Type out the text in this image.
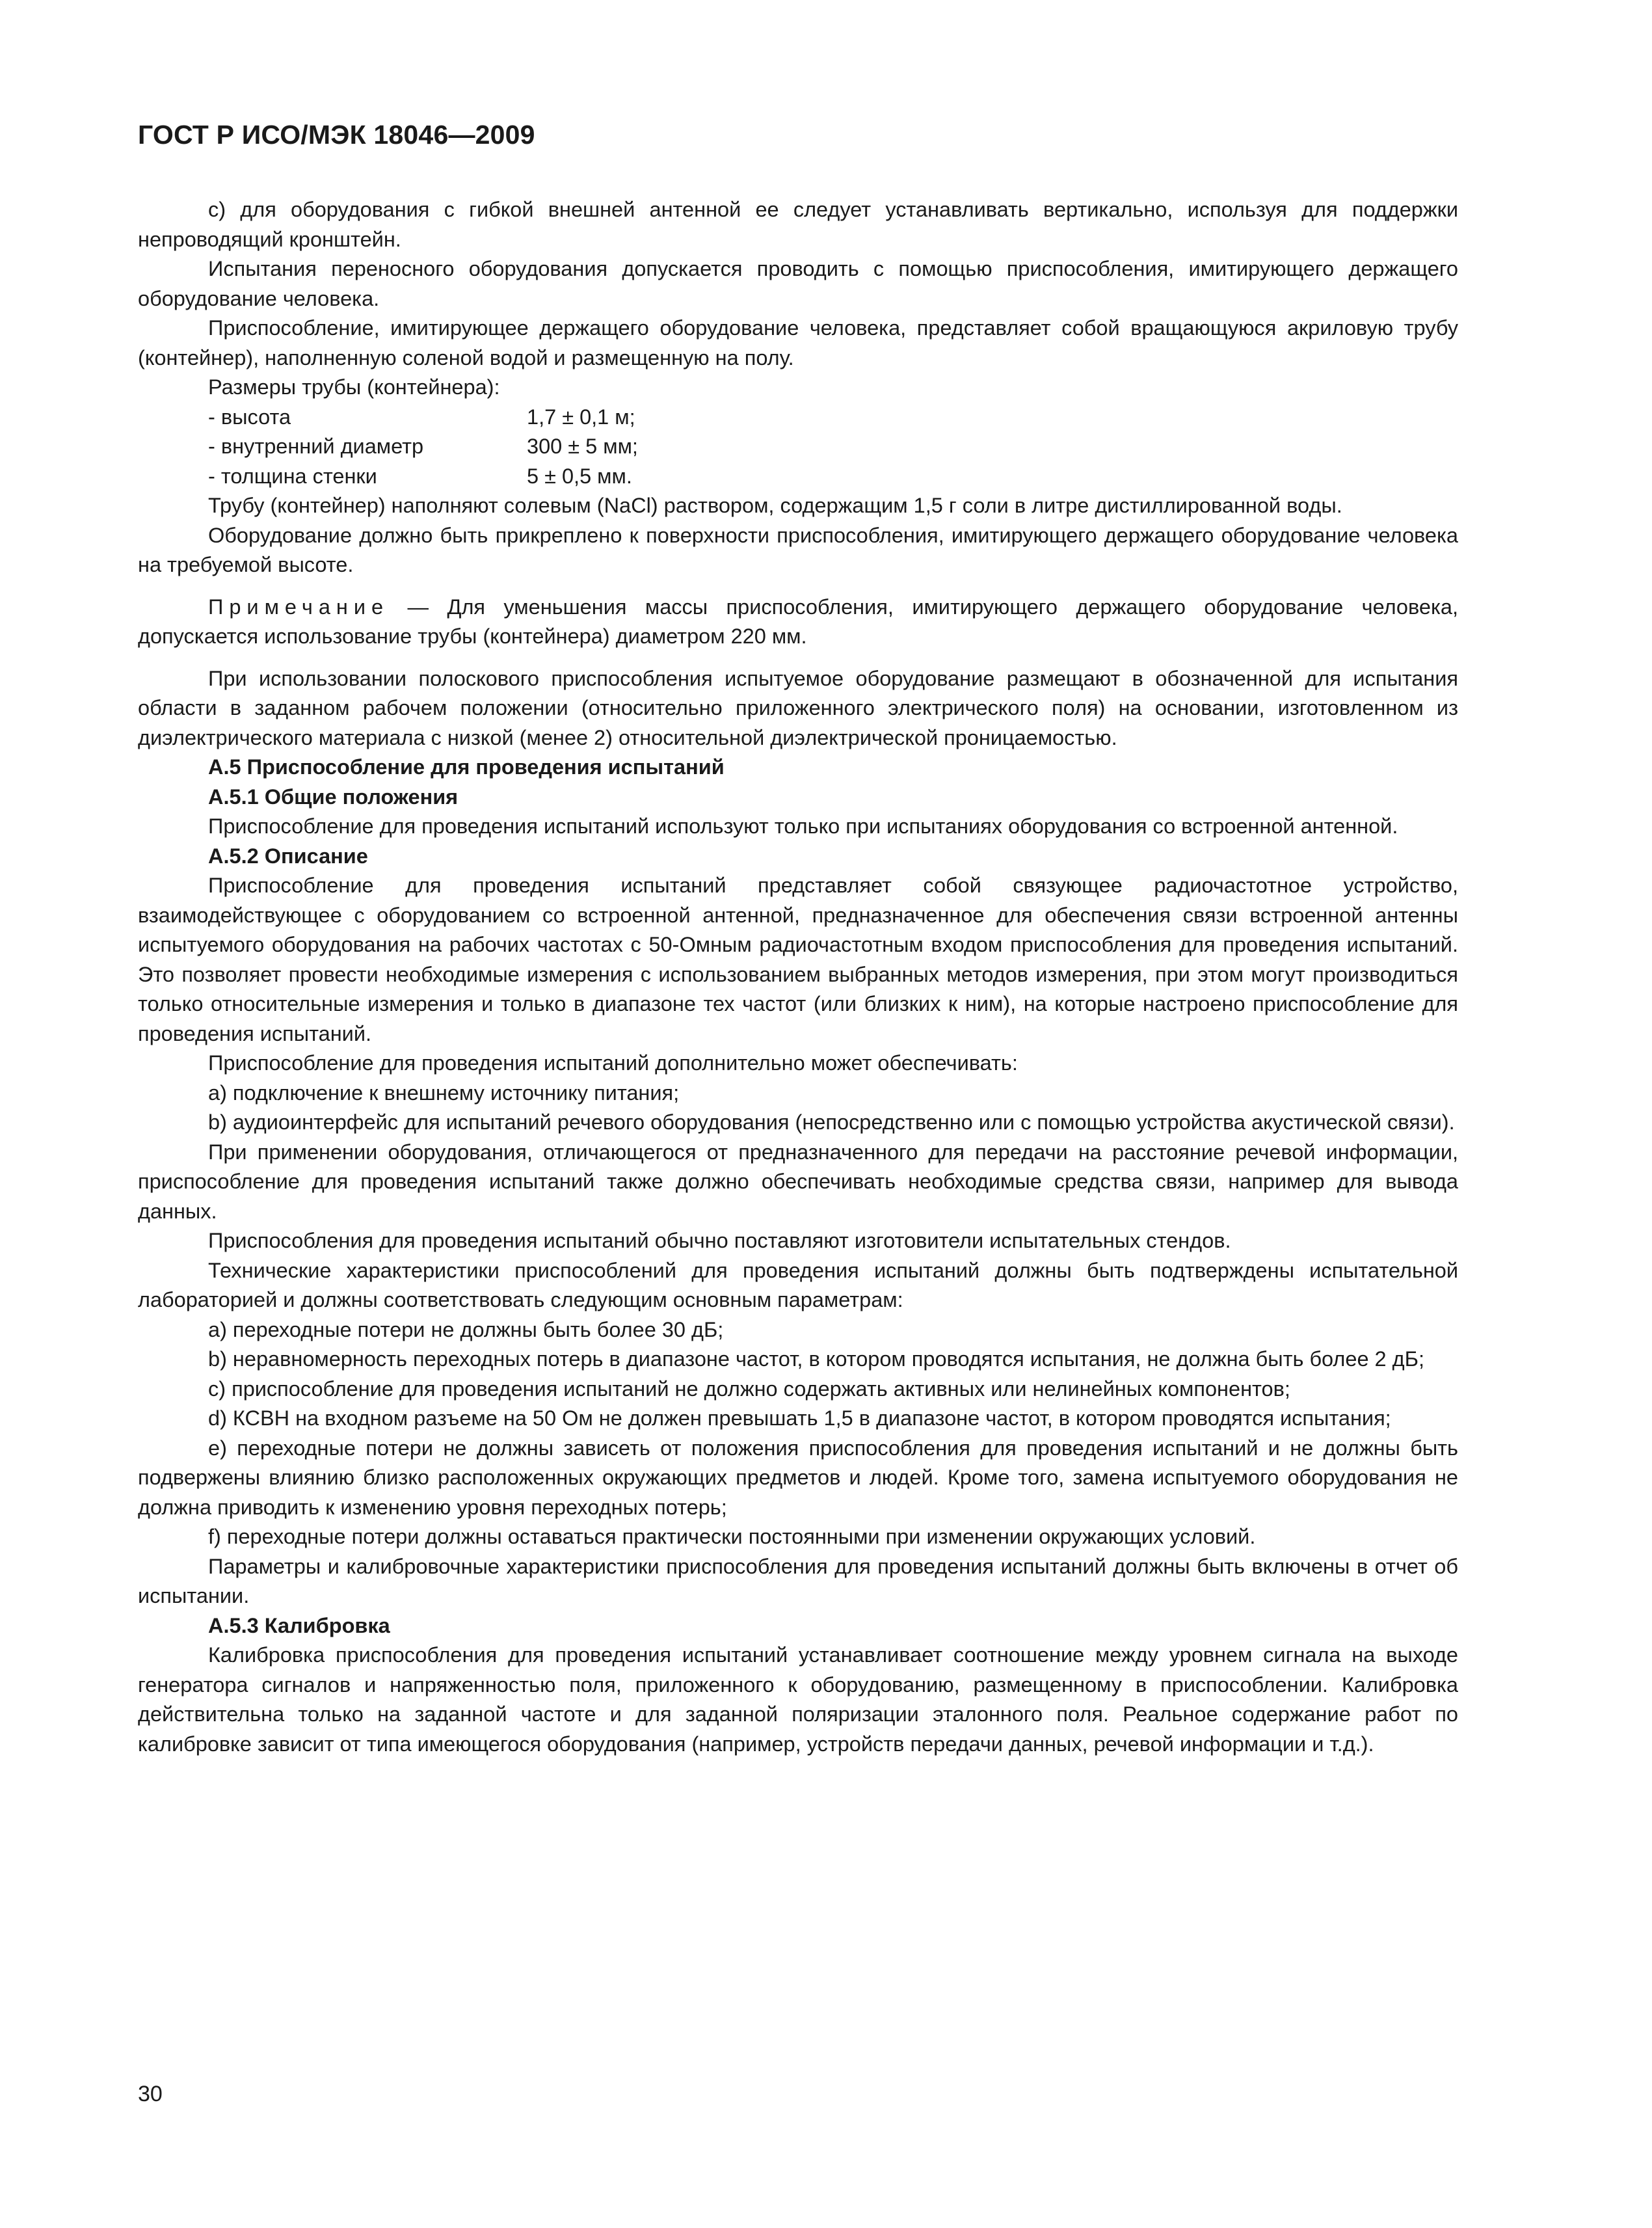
ГОСТ Р ИСО/МЭК 18046—2009

c) для оборудования с гибкой внешней антенной ее следует устанавливать вертикально, используя для поддержки непроводящий кронштейн.

Испытания переносного оборудования допускается проводить с помощью приспособления, имитирующего держащего оборудование человека.

Приспособление, имитирующее держащего оборудование человека, представляет собой вращающуюся акриловую трубу (контейнер), наполненную соленой водой и размещенную на полу.

Размеры трубы (контейнера):

- высота	1,7 ± 0,1 м;
- внутренний диаметр	300 ± 5 мм;
- толщина стенки	5 ± 0,5 мм.

Трубу (контейнер) наполняют солевым (NaCl) раствором, содержащим 1,5 г соли в литре дистиллированной воды.

Оборудование должно быть прикреплено к поверхности приспособления, имитирующего держащего оборудование человека на требуемой высоте.

Примечание — Для уменьшения массы приспособления, имитирующего держащего оборудование человека, допускается использование трубы (контейнера) диаметром 220 мм.

При использовании полоскового приспособления испытуемое оборудование размещают в обозначенной для испытания области в заданном рабочем положении (относительно приложенного электрического поля) на основании, изготовленном из диэлектрического материала с низкой (менее 2) относительной диэлектрической проницаемостью.

А.5 Приспособление для проведения испытаний
А.5.1 Общие положения

Приспособление для проведения испытаний используют только при испытаниях оборудования со встроенной антенной.

А.5.2 Описание

Приспособление для проведения испытаний представляет собой связующее радиочастотное устройство, взаимодействующее с оборудованием со встроенной антенной, предназначенное для обеспечения связи встроенной антенны испытуемого оборудования на рабочих частотах с 50-Омным радиочастотным входом приспособления для проведения испытаний. Это позволяет провести необходимые измерения с использованием выбранных методов измерения, при этом могут производиться только относительные измерения и только в диапазоне тех частот (или близких к ним), на которые настроено приспособление для проведения испытаний.

Приспособление для проведения испытаний дополнительно может обеспечивать:

a) подключение к внешнему источнику питания;

b) аудиоинтерфейс для испытаний речевого оборудования (непосредственно или с помощью устройства акустической связи).

При применении оборудования, отличающегося от предназначенного для передачи на расстояние речевой информации, приспособление для проведения испытаний также должно обеспечивать необходимые средства связи, например для вывода данных.

Приспособления для проведения испытаний обычно поставляют изготовители испытательных стендов.

Технические характеристики приспособлений для проведения испытаний должны быть подтверждены испытательной лабораторией и должны соответствовать следующим основным параметрам:

a) переходные потери не должны быть более 30 дБ;

b) неравномерность переходных потерь в диапазоне частот, в котором проводятся испытания, не должна быть более 2 дБ;

c) приспособление для проведения испытаний не должно содержать активных или нелинейных компонентов;

d) КСВН на входном разъеме на 50 Ом не должен превышать 1,5 в диапазоне частот, в котором проводятся испытания;

e) переходные потери не должны зависеть от положения приспособления для проведения испытаний и не должны быть подвержены влиянию близко расположенных окружающих предметов и людей. Кроме того, замена испытуемого оборудования не должна приводить к изменению уровня переходных потерь;

f) переходные потери должны оставаться практически постоянными при изменении окружающих условий.

Параметры и калибровочные характеристики приспособления для проведения испытаний должны быть включены в отчет об испытании.

А.5.3 Калибровка

Калибровка приспособления для проведения испытаний устанавливает соотношение между уровнем сигнала на выходе генератора сигналов и напряженностью поля, приложенного к оборудованию, размещенному в приспособлении. Калибровка действительна только на заданной частоте и для заданной поляризации эталонного поля. Реальное содержание работ по калибровке зависит от типа имеющегося оборудования (например, устройств передачи данных, речевой информации и т.д.).

30
